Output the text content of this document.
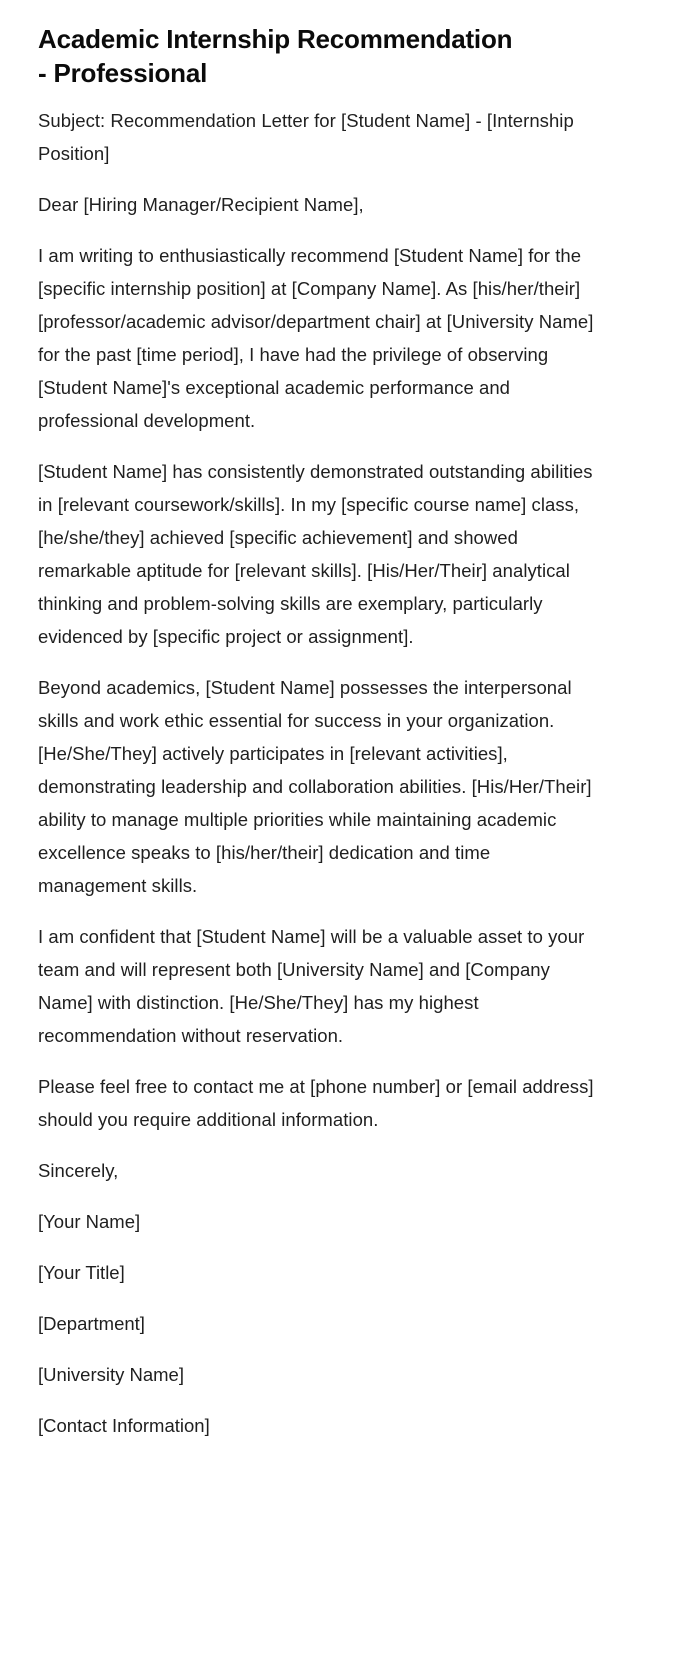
Academic Internship Recommendation - Professional

Subject: Recommendation Letter for [Student Name] - [Internship Position]

Dear [Hiring Manager/Recipient Name],

I am writing to enthusiastically recommend [Student Name] for the [specific internship position] at [Company Name]. As [his/her/their] [professor/academic advisor/department chair] at [University Name] for the past [time period], I have had the privilege of observing [Student Name]'s exceptional academic performance and professional development.

[Student Name] has consistently demonstrated outstanding abilities in [relevant coursework/skills]. In my [specific course name] class, [he/she/they] achieved [specific achievement] and showed remarkable aptitude for [relevant skills]. [His/Her/Their] analytical thinking and problem-solving skills are exemplary, particularly evidenced by [specific project or assignment].

Beyond academics, [Student Name] possesses the interpersonal skills and work ethic essential for success in your organization. [He/She/They] actively participates in [relevant activities], demonstrating leadership and collaboration abilities. [His/Her/Their] ability to manage multiple priorities while maintaining academic excellence speaks to [his/her/their] dedication and time management skills.

I am confident that [Student Name] will be a valuable asset to your team and will represent both [University Name] and [Company Name] with distinction. [He/She/They] has my highest recommendation without reservation.

Please feel free to contact me at [phone number] or [email address] should you require additional information.

Sincerely,

[Your Name]

[Your Title]

[Department]

[University Name]

[Contact Information]
